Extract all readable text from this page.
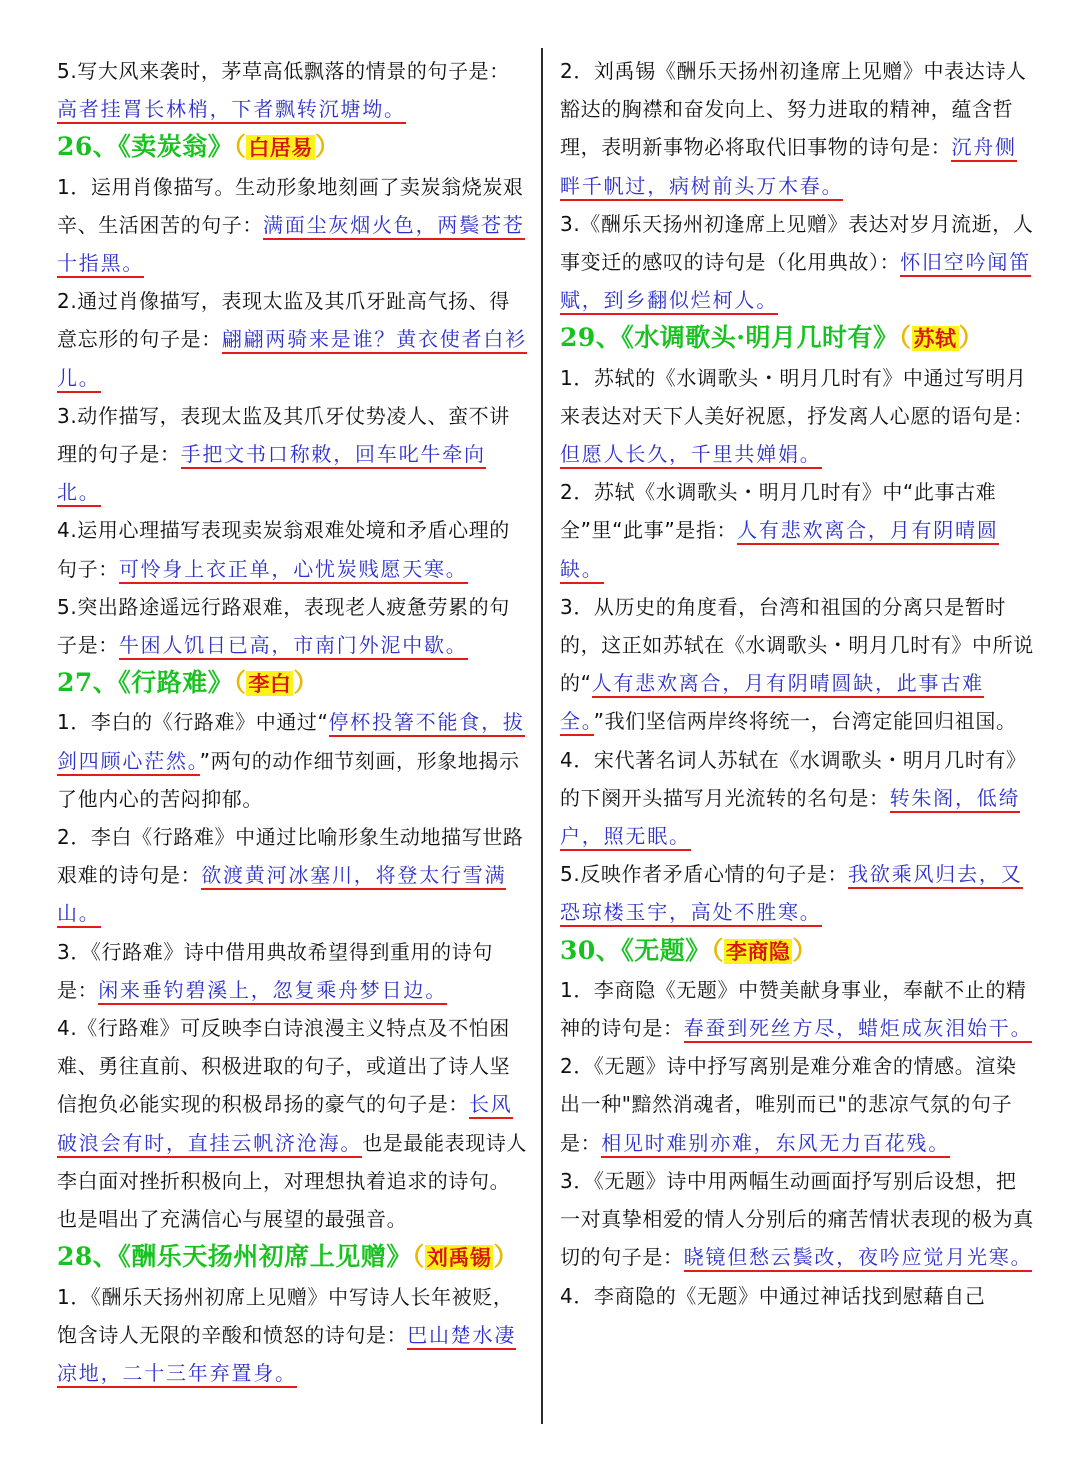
5.写大风来袭时，茅草高低飘落的情景的句子是：高者挂罥长林梢，下者飘转沉塘坳。

26、《卖炭翁》（白居易）

1．运用肖像描写。生动形象地刻画了卖炭翁烧炭艰辛、生活困苦的句子：满面尘灰烟火色，两鬓苍苍十指黑。

2.通过肖像描写，表现太监及其爪牙趾高气扬、得意忘形的句子是：翩翩两骑来是谁？黄衣使者白衫儿。

3.动作描写，表现太监及其爪牙仗势凌人、蛮不讲理的句子是：手把文书口称敕，回车叱牛牵向北。

4.运用心理描写表现卖炭翁艰难处境和矛盾心理的句子：可怜身上衣正单，心忧炭贱愿天寒。

5.突出路途遥远行路艰难，表现老人疲惫劳累的句子是：牛困人饥日已高，市南门外泥中歇。

27、《行路难》（李白）

1．李白的《行路难》中通过“停杯投箸不能食，拔剑四顾心茫然。”两句的动作细节刻画，形象地揭示了他内心的苦闷抑郁。

2．李白《行路难》中通过比喻形象生动地描写世路艰难的诗句是：欲渡黄河冰塞川，将登太行雪满山。

3．《行路难》诗中借用典故希望得到重用的诗句是：闲来垂钓碧溪上，忽复乘舟梦日边。

4.《行路难》可反映李白诗浪漫主义特点及不怕困难、勇往直前、积极进取的句子，或道出了诗人坚信抱负必能实现的积极昂扬的豪气的句子是：长风破浪会有时，直挂云帆济沧海。也是最能表现诗人李白面对挫折积极向上，对理想执着追求的诗句。也是唱出了充满信心与展望的最强音。

28、《酬乐天扬州初席上见赠》（刘禹锡）

1．《酬乐天扬州初席上见赠》中写诗人长年被贬，饱含诗人无限的辛酸和愤怒的诗句是：巴山楚水凄凉地，二十三年弃置身。

2．刘禹锡《酬乐天扬州初逢席上见赠》中表达诗人豁达的胸襟和奋发向上、努力进取的精神，蕴含哲理，表明新事物必将取代旧事物的诗句是：沉舟侧畔千帆过，病树前头万木春。

3.《酬乐天扬州初逢席上见赠》表达对岁月流逝，人事变迁的感叹的诗句是（化用典故）：怀旧空吟闻笛赋，到乡翻似烂柯人。

29、《水调歌头·明月几时有》（苏轼）

1．苏轼的《水调歌头・明月几时有》中通过写明月来表达对天下人美好祝愿，抒发离人心愿的语句是：但愿人长久，千里共婵娟。

2．苏轼《水调歌头・明月几时有》中“此事古难全”里“此事”是指：人有悲欢离合，月有阴晴圆缺。

3．从历史的角度看，台湾和祖国的分离只是暂时的，这正如苏轼在《水调歌头・明月几时有》中所说的“人有悲欢离合，月有阴晴圆缺，此事古难全。”我们坚信两岸终将统一，台湾定能回归祖国。

4．宋代著名词人苏轼在《水调歌头・明月几时有》的下阕开头描写月光流转的名句是：转朱阁，低绮户，照无眠。

5.反映作者矛盾心情的句子是：我欲乘风归去，又恐琼楼玉宇，高处不胜寒。

30、《无题》（李商隐）

1．李商隐《无题》中赞美献身事业，奉献不止的精神的诗句是：春蚕到死丝方尽，蜡炬成灰泪始干。

2．《无题》诗中抒写离别是难分难舍的情感。渲染出一种"黯然消魂者，唯别而已"的悲凉气氛的句子是：相见时难别亦难，东风无力百花残。

3．《无题》诗中用两幅生动画面抒写别后设想，把一对真挚相爱的情人分别后的痛苦情状表现的极为真切的句子是：晓镜但愁云鬓改，夜吟应觉月光寒。

4．李商隐的《无题》中通过神话找到慰藉自己
